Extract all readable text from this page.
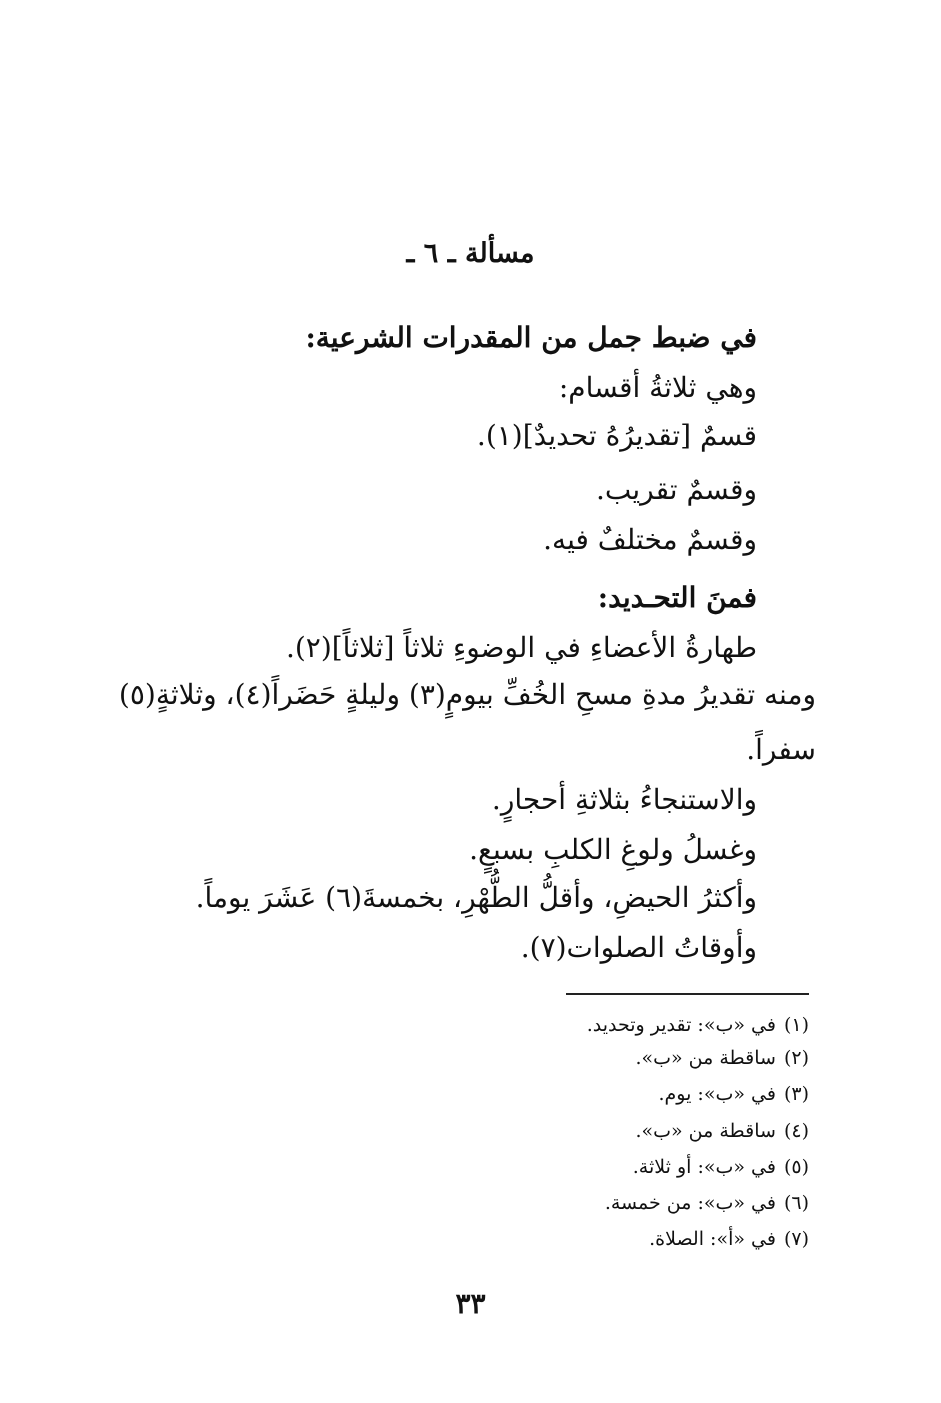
مسألة ـ ٦ ـ
في ضبط جمل من المقدرات الشرعية:
وهي ثلاثةُ أقسام:
قسمٌ [تقديرُهُ تحديدٌ](١).
وقسمٌ تقريب.
وقسمٌ مختلفٌ فيه.
فمنَ التحـديد:
طهارةُ الأعضاءِ في الوضوءِ ثلاثاً [ثلاثاً](٢).
ومنه تقديرُ مدةِ مسحِ الخُفِّ بيومٍ(٣) وليلةٍ حَضَراً(٤)، وثلاثةٍ(٥)
سفراً.
والاستنجاءُ بثلاثةِ أحجارٍ.
وغسلُ ولوغِ الكلبِ بسبعٍ.
وأكثرُ الحيضِ، وأقلُّ الطُّهْرِ، بخمسةَ(٦) عَشَرَ يوماً.
وأوقاتُ الصلوات(٧).
(١)في «ب»: تقدير وتحديد.
(٢)ساقطة من «ب».
(٣)في «ب»: يوم.
(٤)ساقطة من «ب».
(٥)في «ب»: أو ثلاثة.
(٦)في «ب»: من خمسة.
(٧)في «أ»: الصلاة.
٣٣
